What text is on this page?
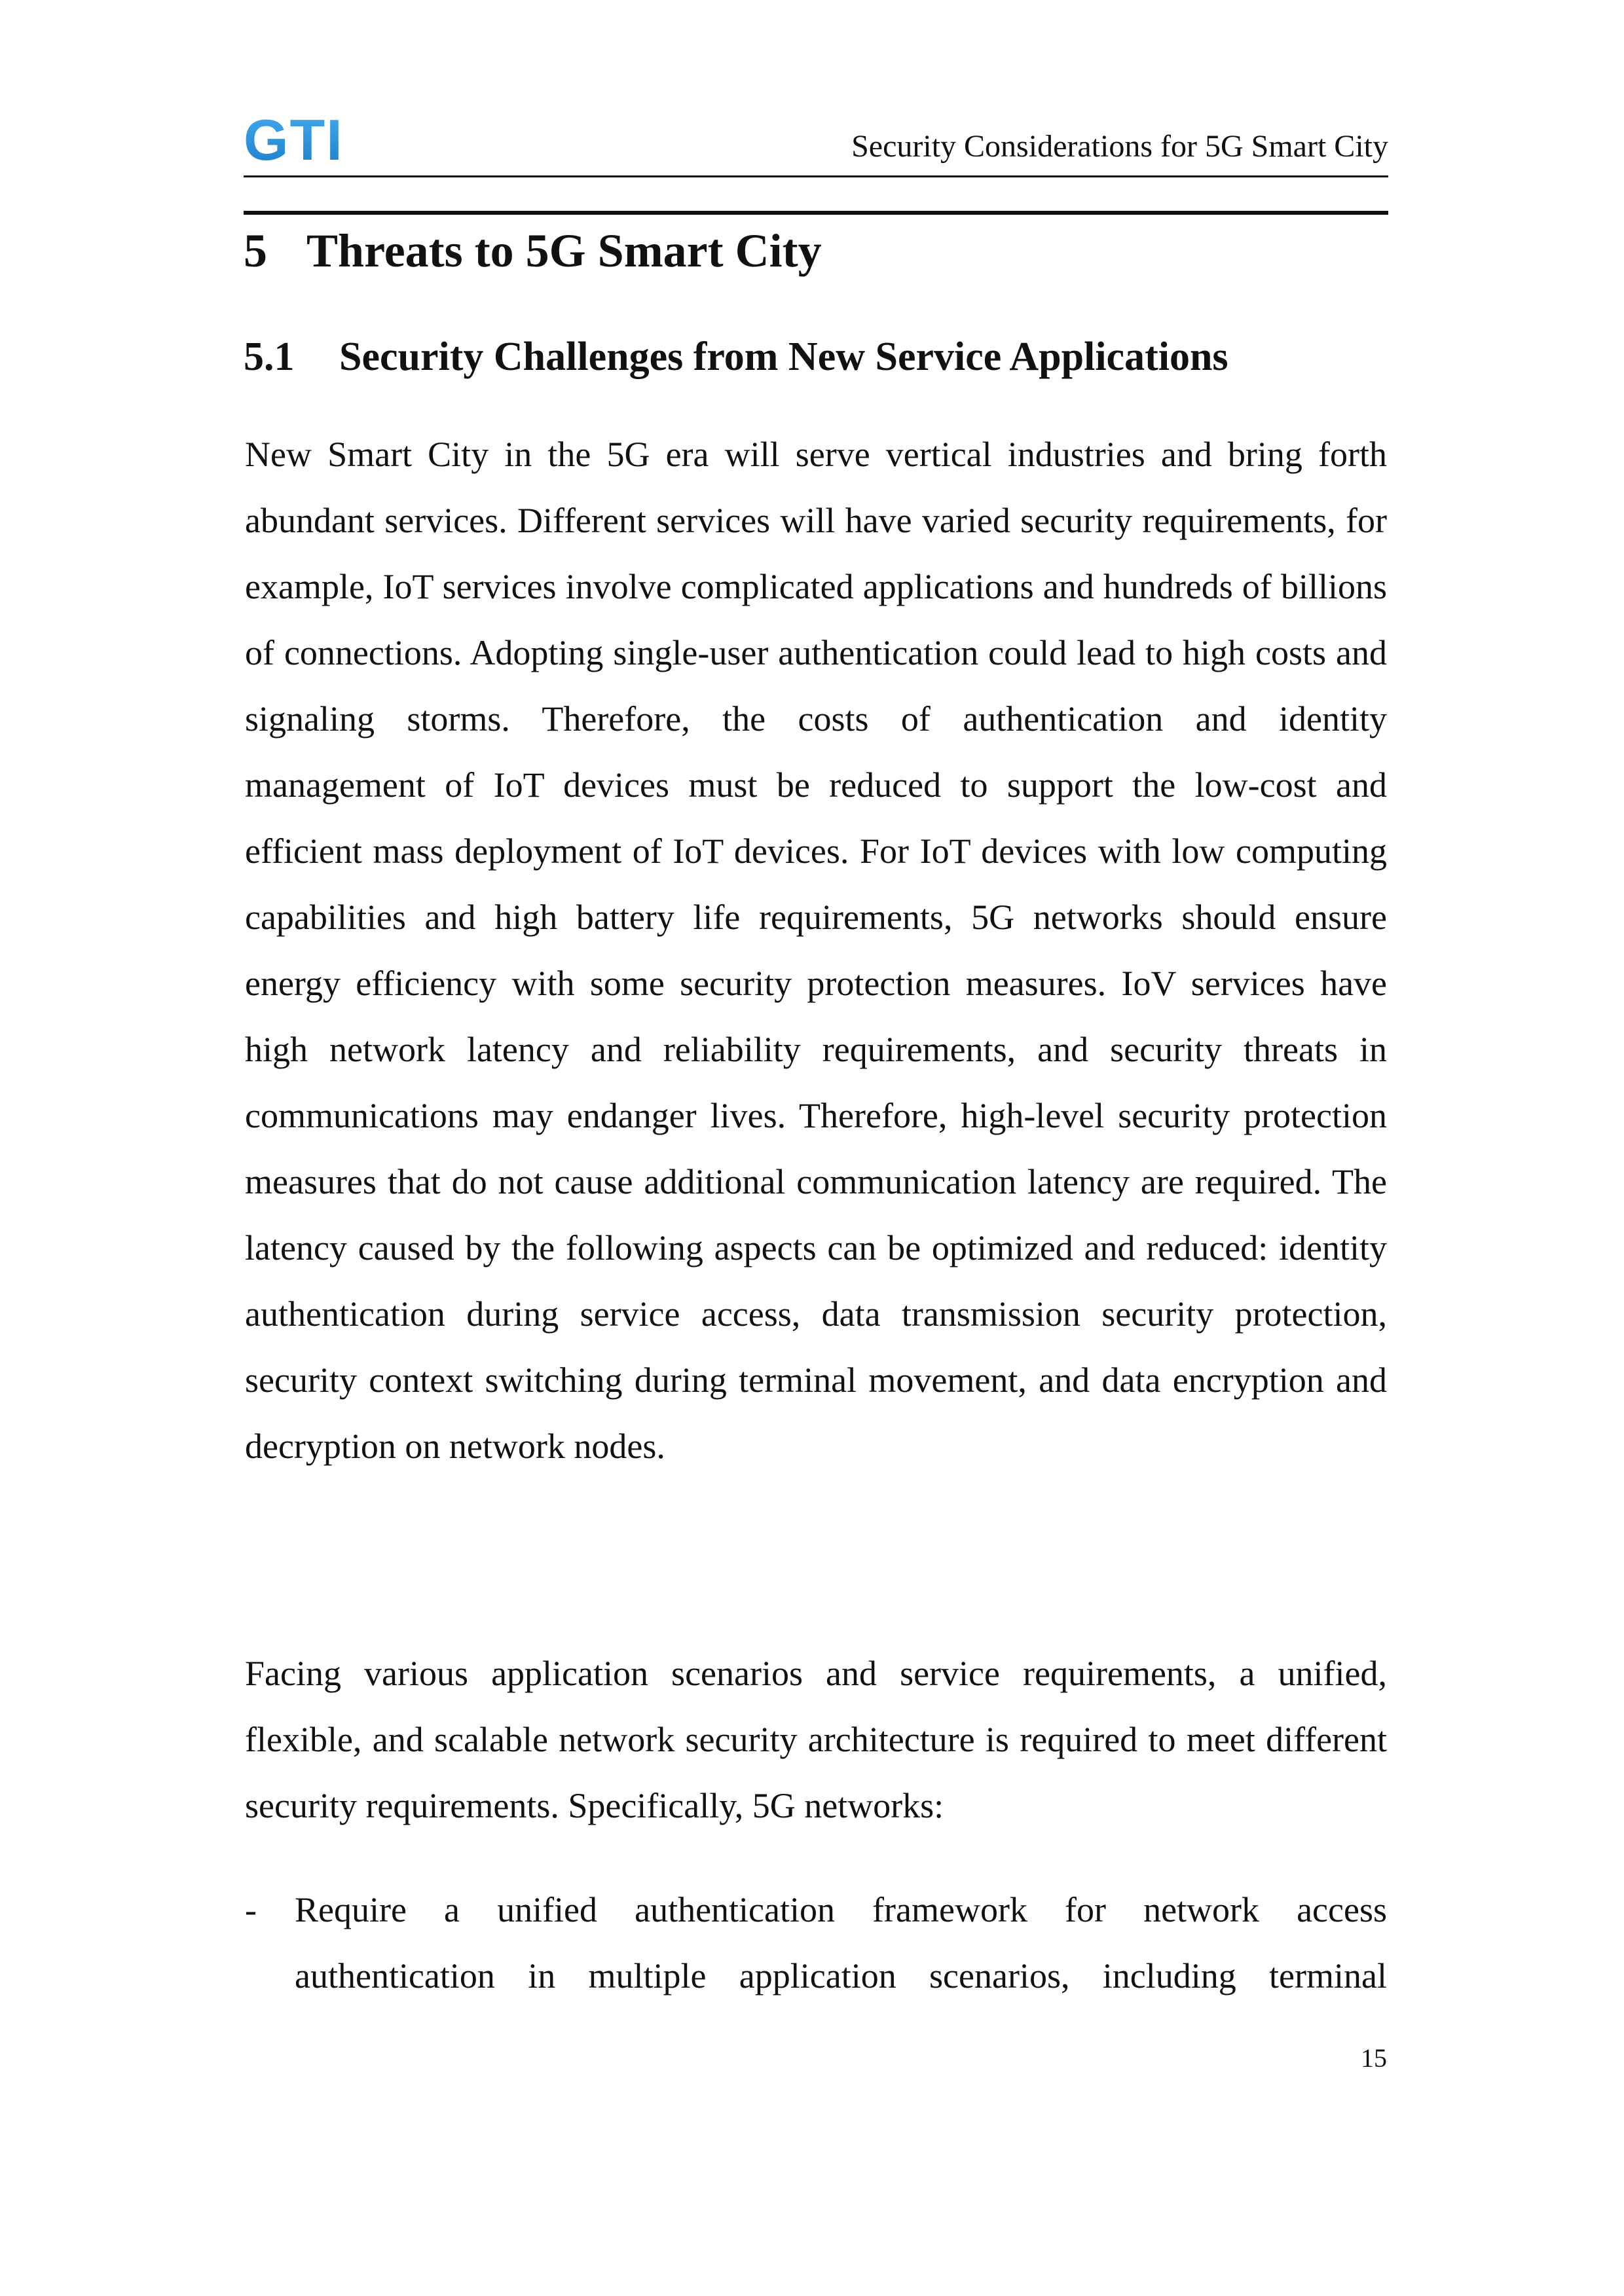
GTI	Security Considerations for 5G Smart City
5 Threats to 5G Smart City
5.1 Security Challenges from New Service Applications

New Smart City in the 5G era will serve vertical industries and bring forth abundant services. Different services will have varied security requirements, for example, IoT services involve complicated applications and hundreds of billions of connections. Adopting single-user authentication could lead to high costs and signaling storms. Therefore, the costs of authentication and identity management of IoT devices must be reduced to support the low-cost and efficient mass deployment of IoT devices. For IoT devices with low computing capabilities and high battery life requirements, 5G networks should ensure energy efficiency with some security protection measures. IoV services have high network latency and reliability requirements, and security threats in communications may endanger lives. Therefore, high-level security protection measures that do not cause additional communication latency are required. The latency caused by the following aspects can be optimized and reduced: identity authentication during service access, data transmission security protection, security context switching during terminal movement, and data encryption and decryption on network nodes.

Facing various application scenarios and service requirements, a unified, flexible, and scalable network security architecture is required to meet different security requirements. Specifically, 5G networks:

-	Require a unified authentication framework for network access authentication in multiple application scenarios, including terminal
15
